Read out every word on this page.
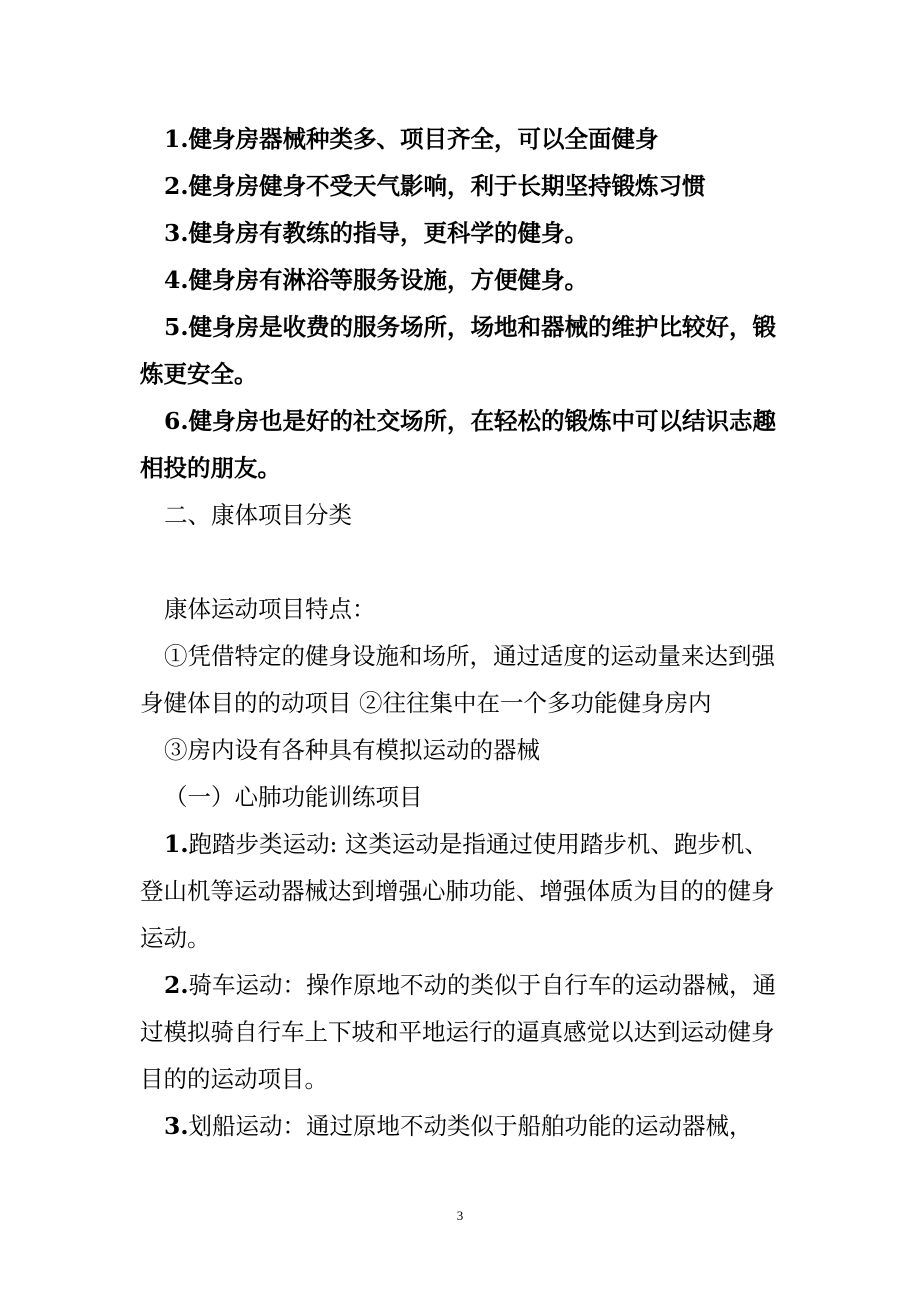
1.健身房器械种类多、项目齐全，可以全面健身

2.健身房健身不受天气影响，利于长期坚持锻炼习惯

3.健身房有教练的指导，更科学的健身。

4.健身房有淋浴等服务设施，方便健身。

5.健身房是收费的服务场所，场地和器械的维护比较好，锻炼更安全。

6.健身房也是好的社交场所，在轻松的锻炼中可以结识志趣相投的朋友。

二、康体项目分类

康体运动项目特点：

①凭借特定的健身设施和场所，通过适度的运动量来达到强身健体目的的动项目 ②往往集中在一个多功能健身房内

③房内设有各种具有模拟运动的器械

（一）心肺功能训练项目

1.跑踏步类运动: 这类运动是指通过使用踏步机、跑步机、登山机等运动器械达到增强心肺功能、增强体质为目的的健身运动。

2.骑车运动：操作原地不动的类似于自行车的运动器械，通过模拟骑自行车上下坡和平地运行的逼真感觉以达到运动健身目的的运动项目。

3.划船运动：通过原地不动类似于船舶功能的运动器械，

3
